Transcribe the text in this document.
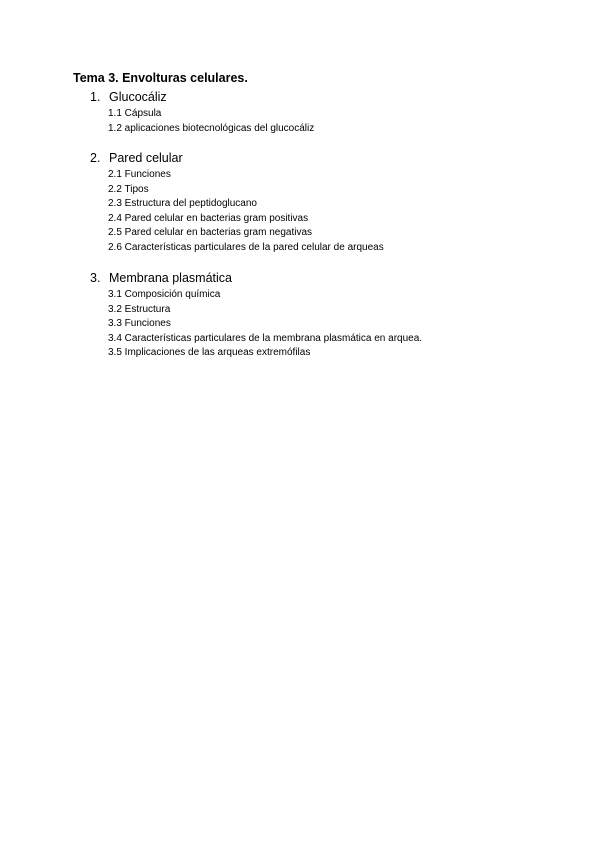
Tema 3. Envolturas celulares.
1. Glucocáliz
1.1 Cápsula
1.2 aplicaciones biotecnológicas del glucocáliz
2. Pared celular
2.1 Funciones
2.2 Tipos
2.3 Estructura del peptidoglucano
2.4 Pared celular en bacterias gram positivas
2.5 Pared celular en bacterias gram negativas
2.6 Características particulares de la pared celular de arqueas
3. Membrana plasmática
3.1 Composición química
3.2 Estructura
3.3 Funciones
3.4 Características particulares de la membrana plasmática en arquea.
3.5 Implicaciones de las arqueas extremófilas
